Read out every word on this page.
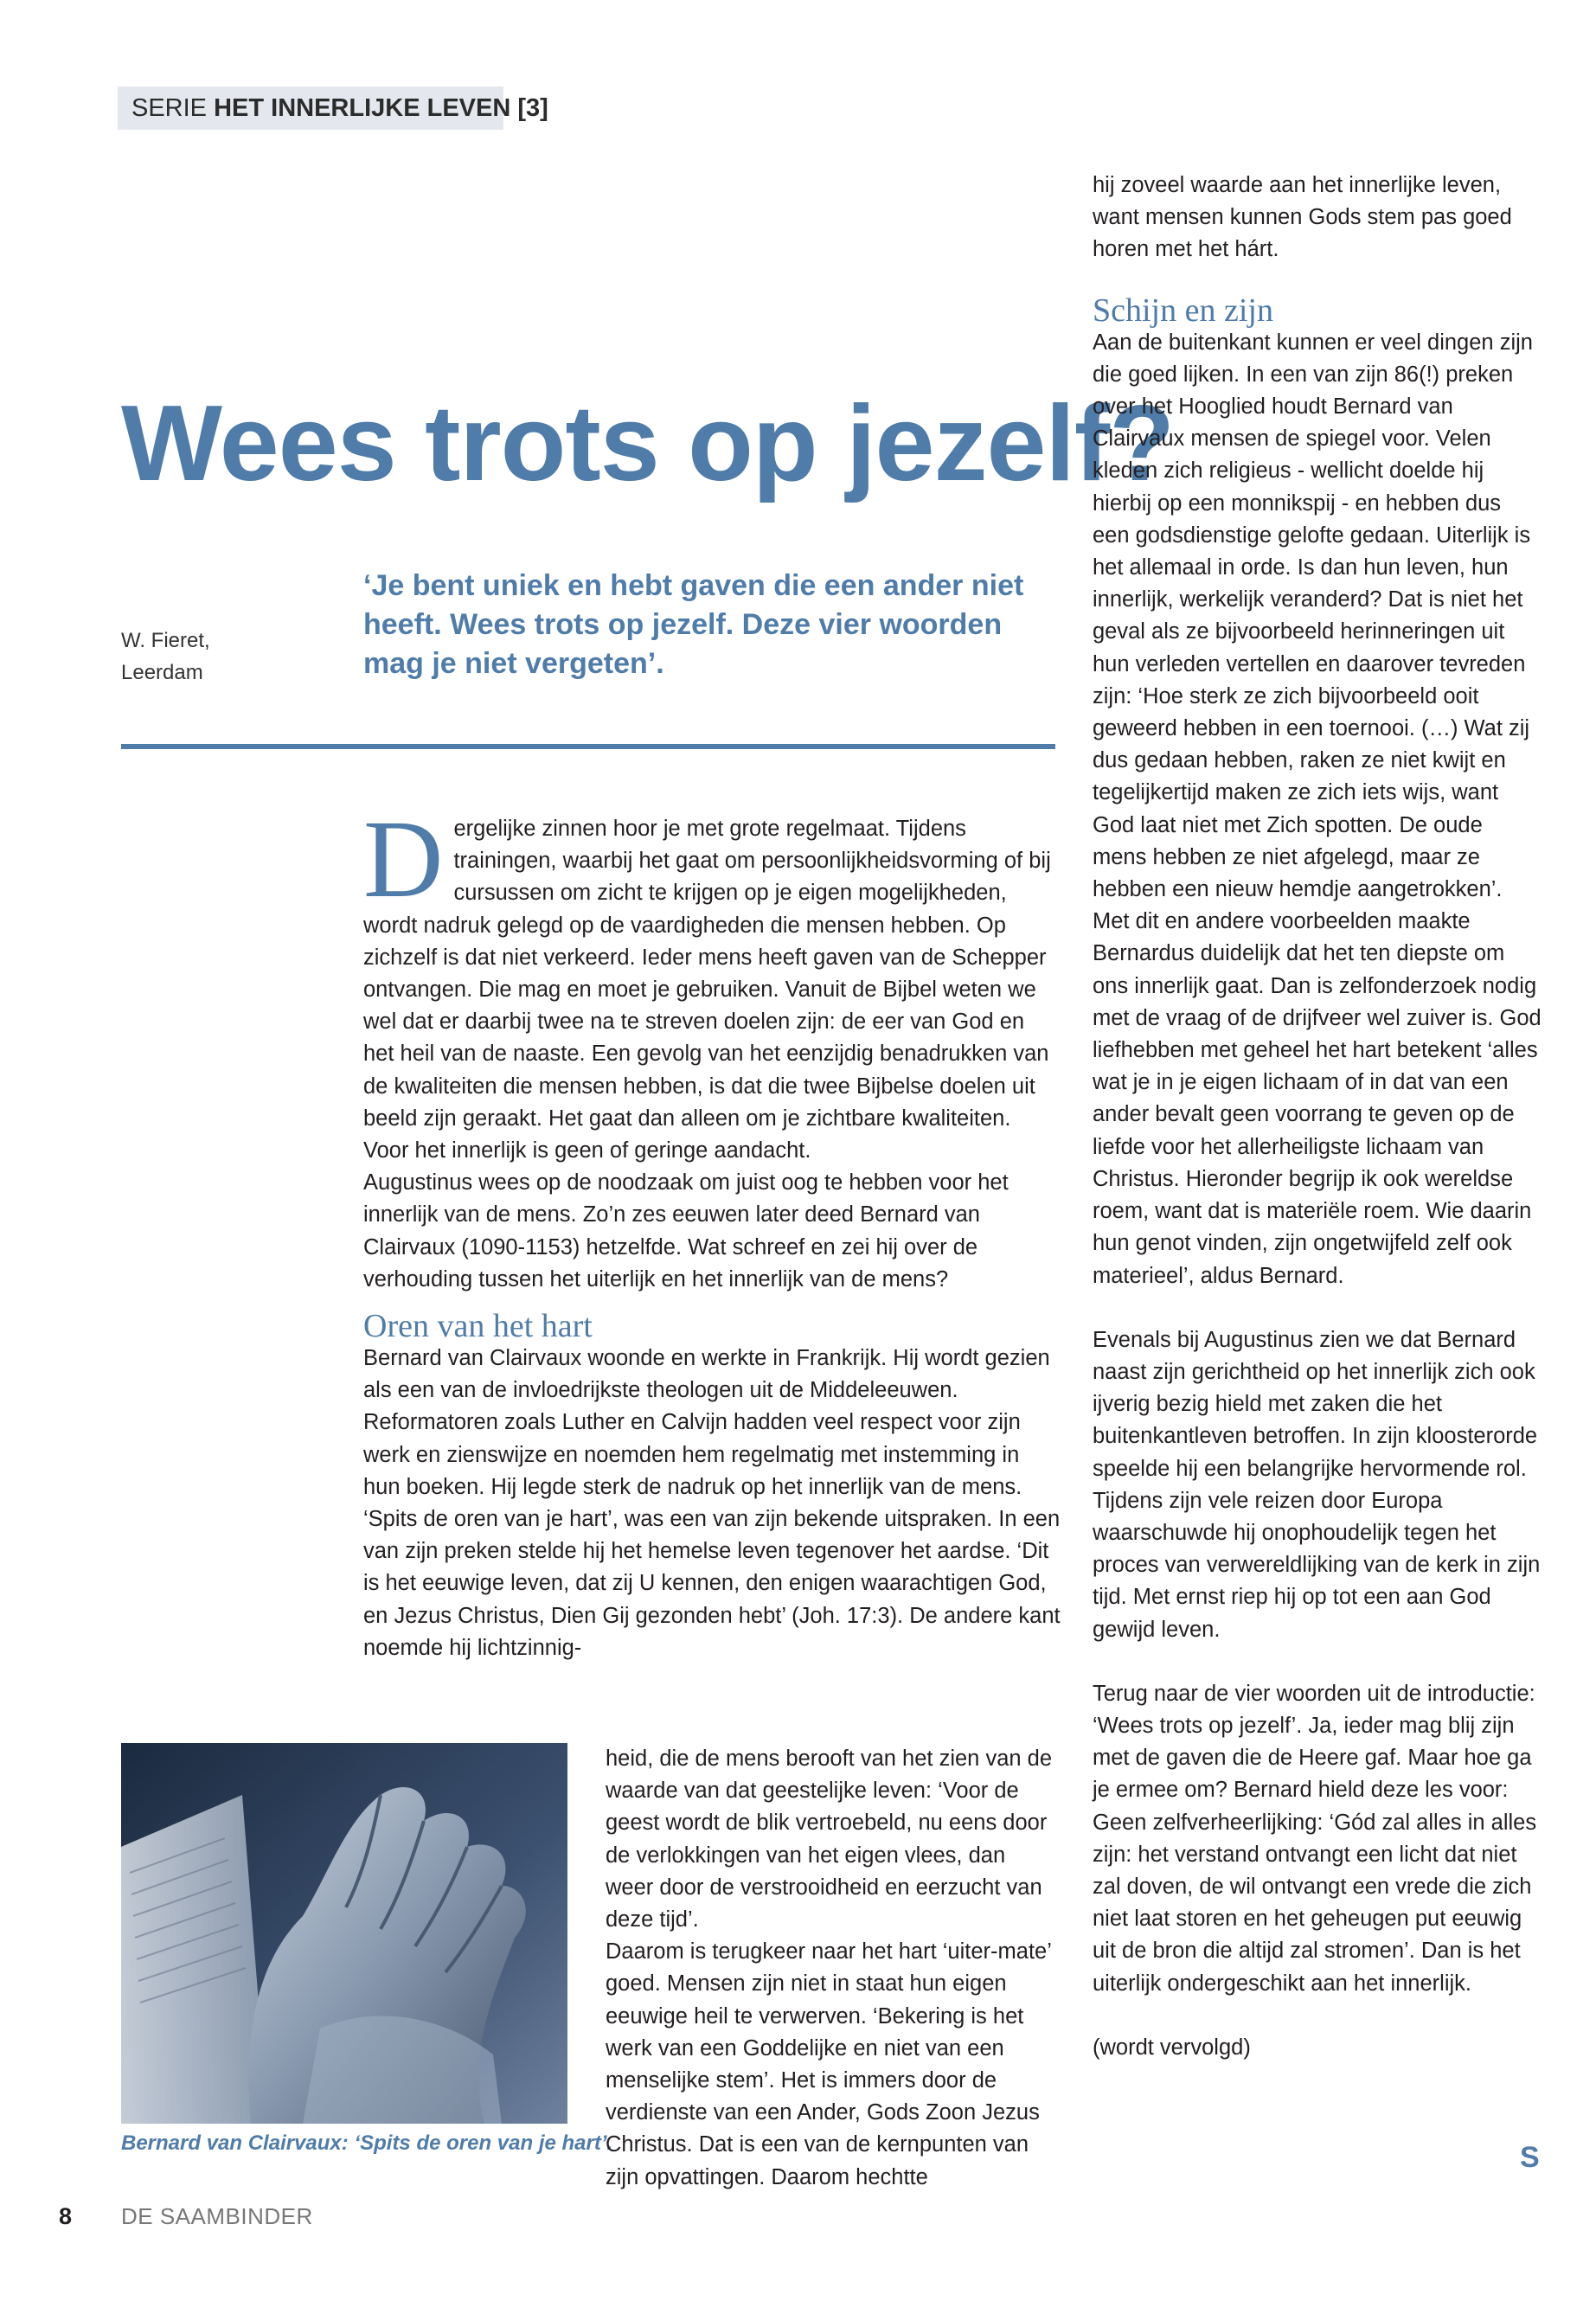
SERIE HET INNERLIJKE LEVEN [3]
Wees trots op jezelf?
W. Fieret,
Leerdam

‘Je bent uniek en hebt gaven die een ander niet heeft. Wees trots op jezelf. Deze vier woorden mag je niet vergeten’.

Dergelijke zinnen hoor je met grote regelmaat. Tijdens trainingen, waarbij het gaat om persoonlijkheidsvorming of bij cursussen om zicht te krijgen op je eigen mogelijkheden, wordt nadruk gelegd op de vaardigheden die mensen hebben. Op zichzelf is dat niet verkeerd. Ieder mens heeft gaven van de Schepper ontvangen. Die mag en moet je gebruiken. Vanuit de Bijbel weten we wel dat er daarbij twee na te streven doelen zijn: de eer van God en het heil van de naaste. Een gevolg van het eenzijdig benadrukken van de kwaliteiten die mensen hebben, is dat die twee Bijbelse doelen uit beeld zijn geraakt. Het gaat dan alleen om je zichtbare kwaliteiten. Voor het innerlijk is geen of geringe aandacht.

Augustinus wees op de noodzaak om juist oog te hebben voor het innerlijk van de mens. Zo’n zes eeuwen later deed Bernard van Clairvaux (1090-1153) hetzelfde. Wat schreef en zei hij over de verhouding tussen het uiterlijk en het innerlijk van de mens?

Oren van het hart

Bernard van Clairvaux woonde en werkte in Frankrijk. Hij wordt gezien als een van de invloedrijkste theologen uit de Middeleeuwen. Reformatoren zoals Luther en Calvijn hadden veel respect voor zijn werk en zienswijze en noemden hem regelmatig met instemming in hun boeken. Hij legde sterk de nadruk op het innerlijk van de mens. ‘Spits de oren van je hart’, was een van zijn bekende uitspraken. In een van zijn preken stelde hij het hemelse leven tegenover het aardse. ‘Dit is het eeuwige leven, dat zij U kennen, den enigen waarachtigen God, en Jezus Christus, Dien Gij gezonden hebt’ (Joh. 17:3). De andere kant noemde hij lichtzinnig-

Bernard van Clairvaux: ‘Spits de oren van je hart’.

heid, die de mens berooft van het zien van de waarde van dat geestelijke leven: ‘Voor de geest wordt de blik vertroebeld, nu eens door de verlokkingen van het eigen vlees, dan weer door de verstrooidheid en eerzucht van deze tijd’.

Daarom is terugkeer naar het hart ‘uiter-mate’ goed. Mensen zijn niet in staat hun eigen eeuwige heil te verwerven. ‘Bekering is het werk van een Goddelijke en niet van een menselijke stem’. Het is immers door de verdienste van een Ander, Gods Zoon Jezus Christus. Dat is een van de kernpunten van zijn opvattingen. Daarom hechtte

hij zoveel waarde aan het innerlijke leven, want mensen kunnen Gods stem pas goed horen met het hárt.

Schijn en zijn

Aan de buitenkant kunnen er veel dingen zijn die goed lijken. In een van zijn 86(!) preken over het Hooglied houdt Bernard van Clairvaux mensen de spiegel voor. Velen kleden zich religieus - wellicht doelde hij hierbij op een monnikspij - en hebben dus een godsdienstige gelofte gedaan. Uiterlijk is het allemaal in orde. Is dan hun leven, hun innerlijk, werkelijk veranderd? Dat is niet het geval als ze bijvoorbeeld herinneringen uit hun verleden vertellen en daarover tevreden zijn: ‘Hoe sterk ze zich bijvoorbeeld ooit geweerd hebben in een toernooi. (…) Wat zij dus gedaan hebben, raken ze niet kwijt en tegelijkertijd maken ze zich iets wijs, want God laat niet met Zich spotten. De oude mens hebben ze niet afgelegd, maar ze hebben een nieuw hemdje aangetrokken’. Met dit en andere voorbeelden maakte Bernardus duidelijk dat het ten diepste om ons innerlijk gaat. Dan is zelfonderzoek nodig met de vraag of de drijfveer wel zuiver is. God liefhebben met geheel het hart betekent ‘alles wat je in je eigen lichaam of in dat van een ander bevalt geen voorrang te geven op de liefde voor het allerheiligste lichaam van Christus. Hieronder begrijp ik ook wereldse roem, want dat is materiële roem. Wie daarin hun genot vinden, zijn ongetwijfeld zelf ook materieel’, aldus Bernard.

Evenals bij Augustinus zien we dat Bernard naast zijn gerichtheid op het innerlijk zich ook ijverig bezig hield met zaken die het buitenkantleven betroffen. In zijn kloosterorde speelde hij een belangrijke hervormende rol. Tijdens zijn vele reizen door Europa waarschuwde hij onophoudelijk tegen het proces van verwereldlijking van de kerk in zijn tijd. Met ernst riep hij op tot een aan God gewijd leven.

Terug naar de vier woorden uit de introductie: ‘Wees trots op jezelf’. Ja, ieder mag blij zijn met de gaven die de Heere gaf. Maar hoe ga je ermee om? Bernard hield deze les voor: Geen zelfverheerlijking: ‘Gód zal alles in alles zijn: het verstand ontvangt een licht dat niet zal doven, de wil ontvangt een vrede die zich niet laat storen en het geheugen put eeuwig uit de bron die altijd zal stromen’. Dan is het uiterlijk ondergeschikt aan het innerlijk.

(wordt vervolgd)

S
8 DE SAAMBINDER
